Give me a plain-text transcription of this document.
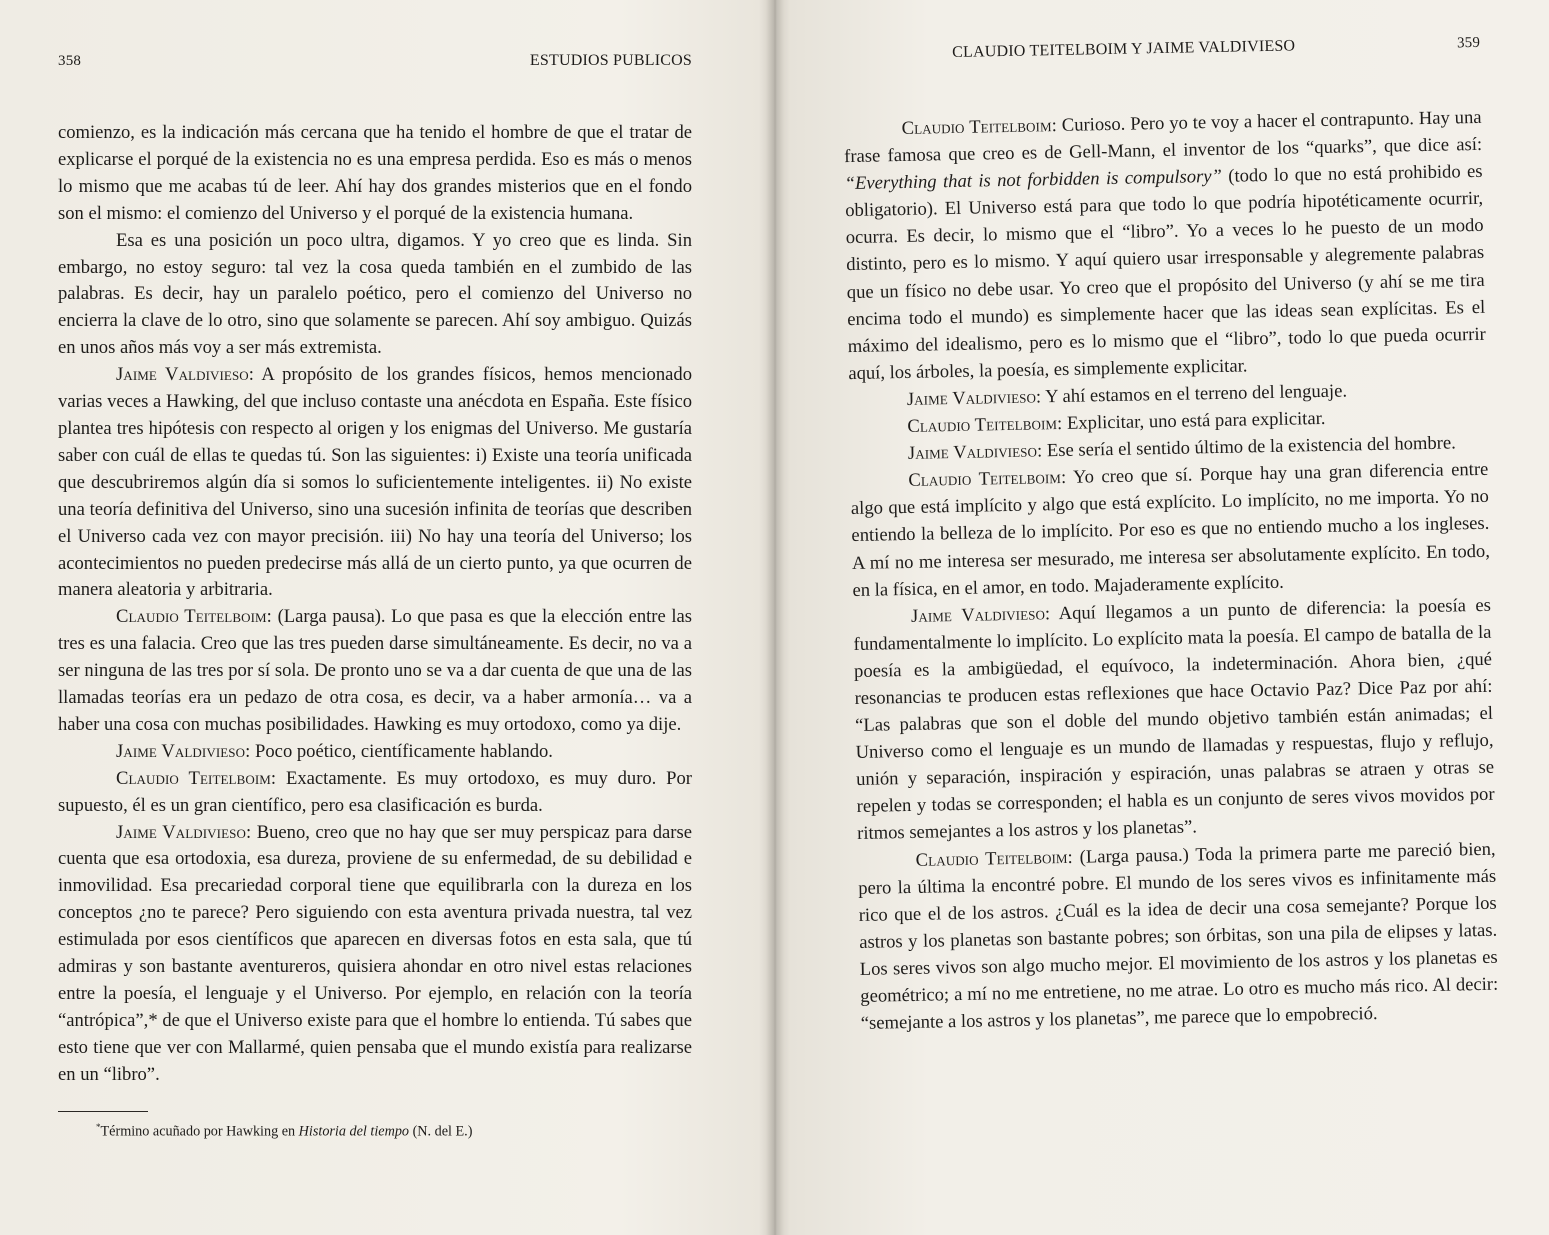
358	ESTUDIOS PUBLICOS

comienzo, es la indicación más cercana que ha tenido el hombre de que el tratar de explicarse el porqué de la existencia no es una empresa perdida. Eso es más o menos lo mismo que me acabas tú de leer. Ahí hay dos grandes misterios que en el fondo son el mismo: el comienzo del Universo y el porqué de la existencia humana.

Esa es una posición un poco ultra, digamos. Y yo creo que es linda. Sin embargo, no estoy seguro: tal vez la cosa queda también en el zumbido de las palabras. Es decir, hay un paralelo poético, pero el comienzo del Universo no encierra la clave de lo otro, sino que solamente se parecen. Ahí soy ambiguo. Quizás en unos años más voy a ser más extremista.

Jaime Valdivieso: A propósito de los grandes físicos, hemos mencionado varias veces a Hawking, del que incluso contaste una anécdota en España. Este físico plantea tres hipótesis con respecto al origen y los enigmas del Universo. Me gustaría saber con cuál de ellas te quedas tú. Son las siguientes: i) Existe una teoría unificada que descubriremos algún día si somos lo suficientemente inteligentes. ii) No existe una teoría definitiva del Universo, sino una sucesión infinita de teorías que describen el Universo cada vez con mayor precisión. iii) No hay una teoría del Universo; los acontecimientos no pueden predecirse más allá de un cierto punto, ya que ocurren de manera aleatoria y arbitraria.

Claudio Teitelboim: (Larga pausa). Lo que pasa es que la elección entre las tres es una falacia. Creo que las tres pueden darse simultáneamente. Es decir, no va a ser ninguna de las tres por sí sola. De pronto uno se va a dar cuenta de que una de las llamadas teorías era un pedazo de otra cosa, es decir, va a haber armonía… va a haber una cosa con muchas posibilidades. Hawking es muy ortodoxo, como ya dije.

Jaime Valdivieso: Poco poético, científicamente hablando.

Claudio Teitelboim: Exactamente. Es muy ortodoxo, es muy duro. Por supuesto, él es un gran científico, pero esa clasificación es burda.

Jaime Valdivieso: Bueno, creo que no hay que ser muy perspicaz para darse cuenta que esa ortodoxia, esa dureza, proviene de su enfermedad, de su debilidad e inmovilidad. Esa precariedad corporal tiene que equilibrarla con la dureza en los conceptos ¿no te parece? Pero siguiendo con esta aventura privada nuestra, tal vez estimulada por esos científicos que aparecen en diversas fotos en esta sala, que tú admiras y son bastante aventureros, quisiera ahondar en otro nivel estas relaciones entre la poesía, el lenguaje y el Universo. Por ejemplo, en relación con la teoría “antrópica”,* de que el Universo existe para que el hombre lo entienda. Tú sabes que esto tiene que ver con Mallarmé, quien pensaba que el mundo existía para realizarse en un “libro”.

*Término acuñado por Hawking en Historia del tiempo (N. del E.)
CLAUDIO TEITELBOIM Y JAIME VALDIVIESO	359

Claudio Teitelboim: Curioso. Pero yo te voy a hacer el contrapunto. Hay una frase famosa que creo es de Gell-Mann, el inventor de los “quarks”, que dice así: “Everything that is not forbidden is compulsory” (todo lo que no está prohibido es obligatorio). El Universo está para que todo lo que podría hipotéticamente ocurrir, ocurra. Es decir, lo mismo que el “libro”. Yo a veces lo he puesto de un modo distinto, pero es lo mismo. Y aquí quiero usar irresponsable y alegremente palabras que un físico no debe usar. Yo creo que el propósito del Universo (y ahí se me tira encima todo el mundo) es simplemente hacer que las ideas sean explícitas. Es el máximo del idealismo, pero es lo mismo que el “libro”, todo lo que pueda ocurrir aquí, los árboles, la poesía, es simplemente explicitar.

Jaime Valdivieso: Y ahí estamos en el terreno del lenguaje.

Claudio Teitelboim: Explicitar, uno está para explicitar.

Jaime Valdivieso: Ese sería el sentido último de la existencia del hombre.

Claudio Teitelboim: Yo creo que sí. Porque hay una gran diferencia entre algo que está implícito y algo que está explícito. Lo implícito, no me importa. Yo no entiendo la belleza de lo implícito. Por eso es que no entiendo mucho a los ingleses. A mí no me interesa ser mesurado, me interesa ser absolutamente explícito. En todo, en la física, en el amor, en todo. Majaderamente explícito.

Jaime Valdivieso: Aquí llegamos a un punto de diferencia: la poesía es fundamentalmente lo implícito. Lo explícito mata la poesía. El campo de batalla de la poesía es la ambigüedad, el equívoco, la indeterminación. Ahora bien, ¿qué resonancias te producen estas reflexiones que hace Octavio Paz? Dice Paz por ahí: “Las palabras que son el doble del mundo objetivo también están animadas; el Universo como el lenguaje es un mundo de llamadas y respuestas, flujo y reflujo, unión y separación, inspiración y espiración, unas palabras se atraen y otras se repelen y todas se corresponden; el habla es un conjunto de seres vivos movidos por ritmos semejantes a los astros y los planetas”.

Claudio Teitelboim: (Larga pausa.) Toda la primera parte me pareció bien, pero la última la encontré pobre. El mundo de los seres vivos es infinitamente más rico que el de los astros. ¿Cuál es la idea de decir una cosa semejante? Porque los astros y los planetas son bastante pobres; son órbitas, son una pila de elipses y latas. Los seres vivos son algo mucho mejor. El movimiento de los astros y los planetas es geométrico; a mí no me entretiene, no me atrae. Lo otro es mucho más rico. Al decir: “semejante a los astros y los planetas”, me parece que lo empobreció.
